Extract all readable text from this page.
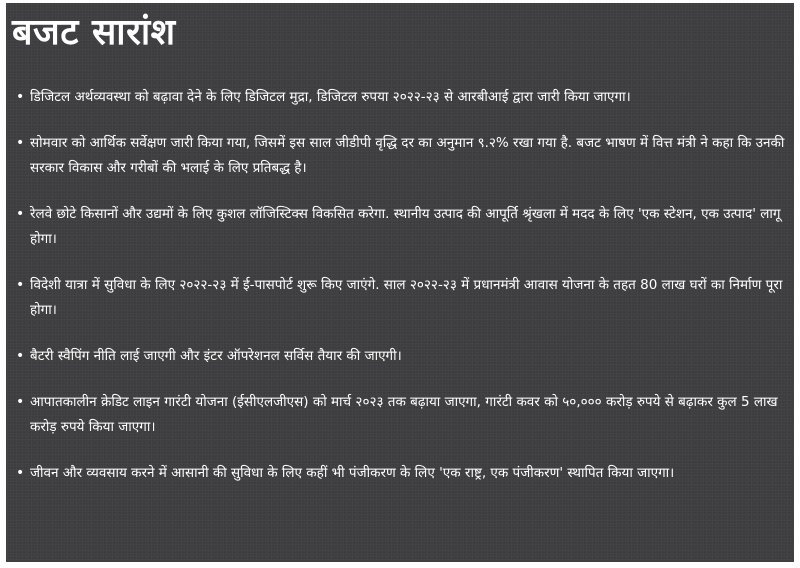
बजट सारांश
• डिजिटल अर्थव्यवस्था को बढ़ावा देने के लिए डिजिटल मुद्रा, डिजिटल रुपया २०२२-२३ से आरबीआई द्वारा जारी किया जाएगा।
• सोमवार को आर्थिक सर्वेक्षण जारी किया गया, जिसमें इस साल जीडीपी वृद्धि दर का अनुमान ९.२% रखा गया है. बजट भाषण में वित्त मंत्री ने कहा कि उनकी सरकार विकास और गरीबों की भलाई के लिए प्रतिबद्ध है।
• रेलवे छोटे किसानों और उद्यमों के लिए कुशल लॉजिस्टिक्स विकसित करेगा. स्थानीय उत्पाद की आपूर्ति श्रृंखला में मदद के लिए 'एक स्टेशन, एक उत्पाद' लागू होगा।
• विदेशी यात्रा में सुविधा के लिए २०२२-२३ में ई-पासपोर्ट शुरू किए जाएंगे. साल २०२२-२३ में प्रधानमंत्री आवास योजना के तहत 80 लाख घरों का निर्माण पूरा होगा।
• बैटरी स्वैपिंग नीति लाई जाएगी और इंटर ऑपरेशनल सर्विस तैयार की जाएगी।
• आपातकालीन क्रेडिट लाइन गारंटी योजना (ईसीएलजीएस) को मार्च २०२३ तक बढ़ाया जाएगा, गारंटी कवर को ५०,००० करोड़ रुपये से बढ़ाकर कुल 5 लाख करोड़ रुपये किया जाएगा।
• जीवन और व्यवसाय करने में आसानी की सुविधा के लिए कहीं भी पंजीकरण के लिए 'एक राष्ट्र, एक पंजीकरण' स्थापित किया जाएगा।
